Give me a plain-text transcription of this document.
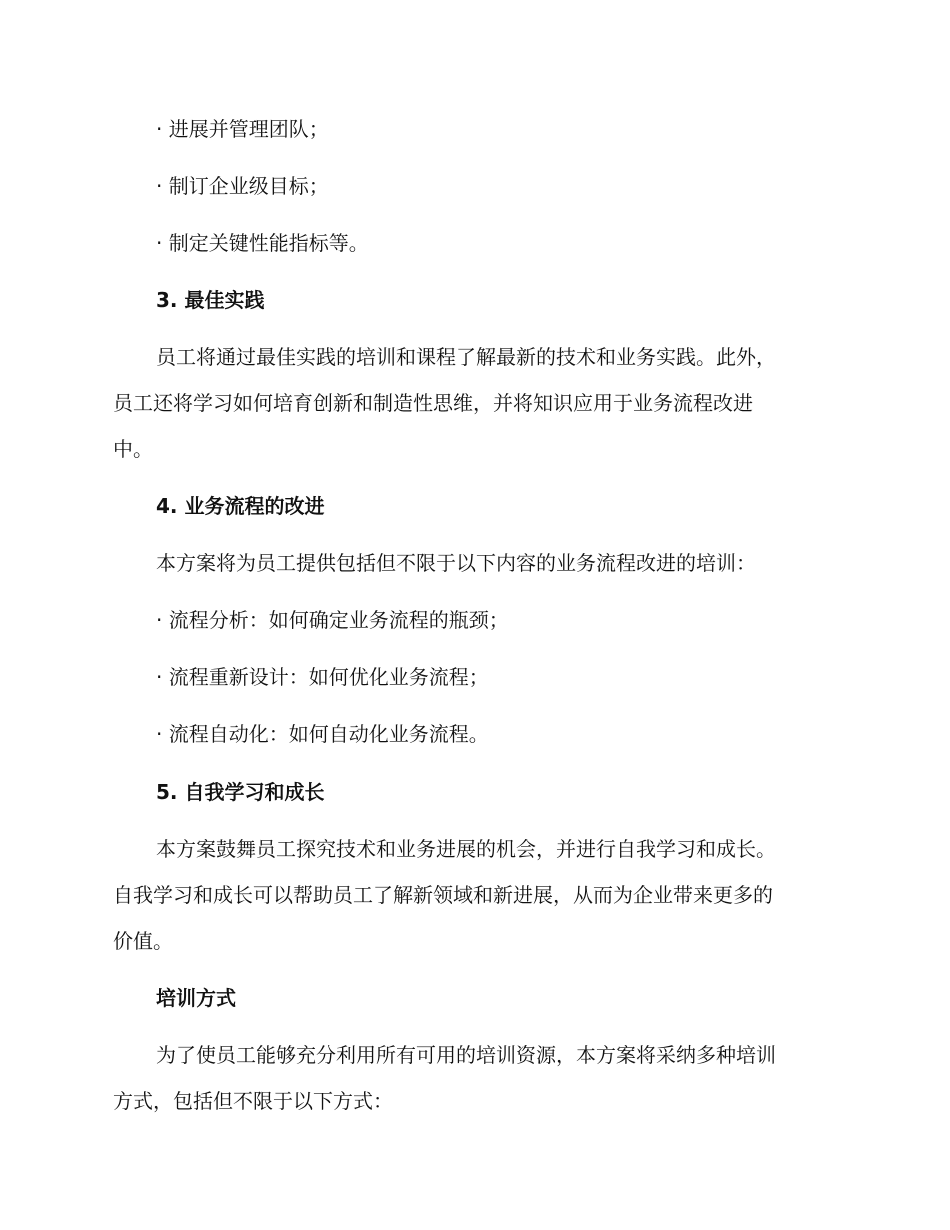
· 进展并管理团队；
· 制订企业级目标；
· 制定关键性能指标等。
3. 最佳实践
员工将通过最佳实践的培训和课程了解最新的技术和业务实践。此外，
员工还将学习如何培育创新和制造性思维，并将知识应用于业务流程改进
中。
4. 业务流程的改进
本方案将为员工提供包括但不限于以下内容的业务流程改进的培训：
· 流程分析：如何确定业务流程的瓶颈；
· 流程重新设计：如何优化业务流程；
· 流程自动化：如何自动化业务流程。
5. 自我学习和成长
本方案鼓舞员工探究技术和业务进展的机会，并进行自我学习和成长。
自我学习和成长可以帮助员工了解新领域和新进展，从而为企业带来更多的
价值。
培训方式
为了使员工能够充分利用所有可用的培训资源，本方案将采纳多种培训
方式，包括但不限于以下方式：
